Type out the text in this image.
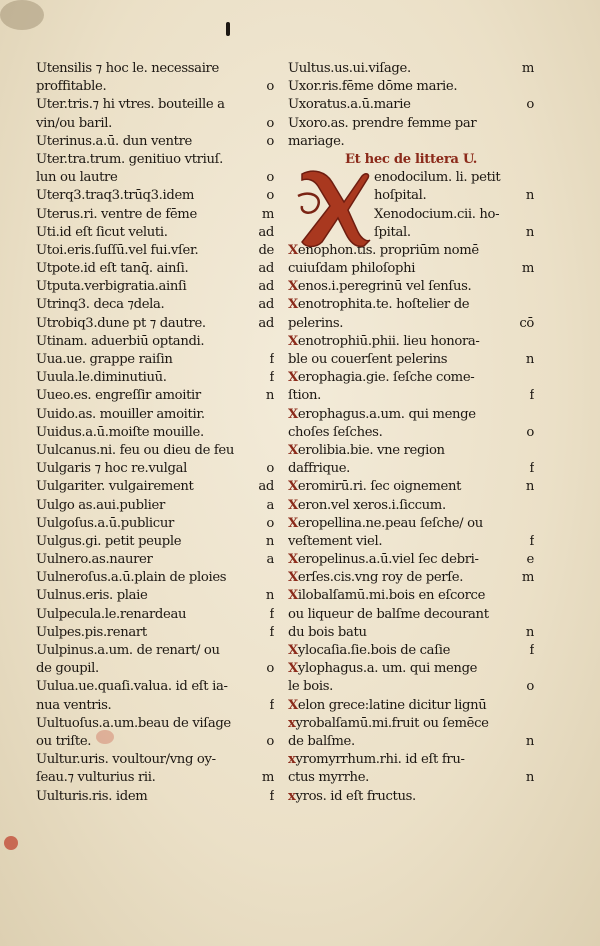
Utensilis ⁊ hoc le. necessaire
proffitable.	o
Uter.tris.⁊ hi vtres. bouteille a
vin/ou baril.	o
Uterinus.a.ū. dun ventre	o
Uter.tra.trum. genitiuo vtriuſ.
lun ou lautre	o
Uterq3.traq3.trūq3.idem	o
Uterus.ri. ventre de fēme	m
Uti.id eſt ſicut veluti.	ad
Utoi.eris.ſuſſū.vel fui.vſer.	de
Utpote.id eſt tanq̄. ainſi.	ad
Utputa.verbigratia.ainſi	ad
Utrinq3. deca ⁊dela.	ad
Utrobiq3.dune pt ⁊ dautre.	ad
Utinam. aduerbiū optandi.
Uua.ue. grappe raiſin	f
Uuula.le.diminutiuū.	f
Uueo.es. engreſſir amoitir	n
Uuido.as. mouiller amoitir.
Uuidus.a.ū.moiſte mouille.
Uulcanus.ni. feu ou dieu de feu
Uulgaris ⁊ hoc re.vulgal	o
Uulgariter. vulgairement	ad
Uulgo as.aui.publier	a
Uulgoſus.a.ū.publicur	o
Uulgus.gi. petit peuple	n
Uulnero.as.naurer	a
Uulneroſus.a.ū.plain de ploies
Uulnus.eris. plaie	n
Uulpecula.le.renardeau	f
Uulpes.pis.renart	f
Uulpinus.a.um. de renart/ ou
de goupil.	o
Uulua.ue.quaſi.valua. id eſt ia-
nua ventris.	f
Uultuoſus.a.um.beau de viſage
ou triſte.	o
Uultur.uris. voultour/vng oy-
ſeau.⁊ vulturius rii.	m
Uulturis.ris. idem	f
Uultus.us.ui.viſage.	m
Uxor.ris.fēme dōme marie.
Uxoratus.a.ū.marie	o
Uxoro.as. prendre femme par
mariage.
Et hec de littera U.
enodocilum. li. petit
hoſpital.	n
Xenodocium.cii. ho-
ſpital.	n
Xenophon.tis. propriūm nomē
cuiuſdam philoſophi	m
Xenos.i.peregrinū vel ſenſus.
Xenotrophita.te. hoſtelier de
pelerins.	cō
Xenotrophiū.phii. lieu honora-
ble ou couerſent pelerins	n
Xerophagia.gie. ſeſche come-
ſtion.	f
Xerophagus.a.um. qui menge
choſes ſeſches.	o
Xerolibia.bie. vne region
daffrique.	f
Xeromirū.ri. ſec oignement	n
Xeron.vel xeros.i.ſiccum.
Xeropellina.ne.peau ſeſche/ ou
veſtement viel.	f
Xeropelinus.a.ū.viel ſec debri-	e
Xerſes.cis.vng roy de perſe.	m
Xilobalſamū.mi.bois en eſcorce
ou liqueur de balſme decourant
du bois batu	n
Xylocaſia.ſie.bois de caſie	f
Xylophagus.a. um. qui menge
le bois.	o
Xelon grece:latine dicitur lignū
xyrobalſamū.mi.fruit ou ſemēce
de balſme.	n
xyromyrrhum.rhi. id eſt fru-
ctus myrrhe.	n
xyros. id eſt fructus.
